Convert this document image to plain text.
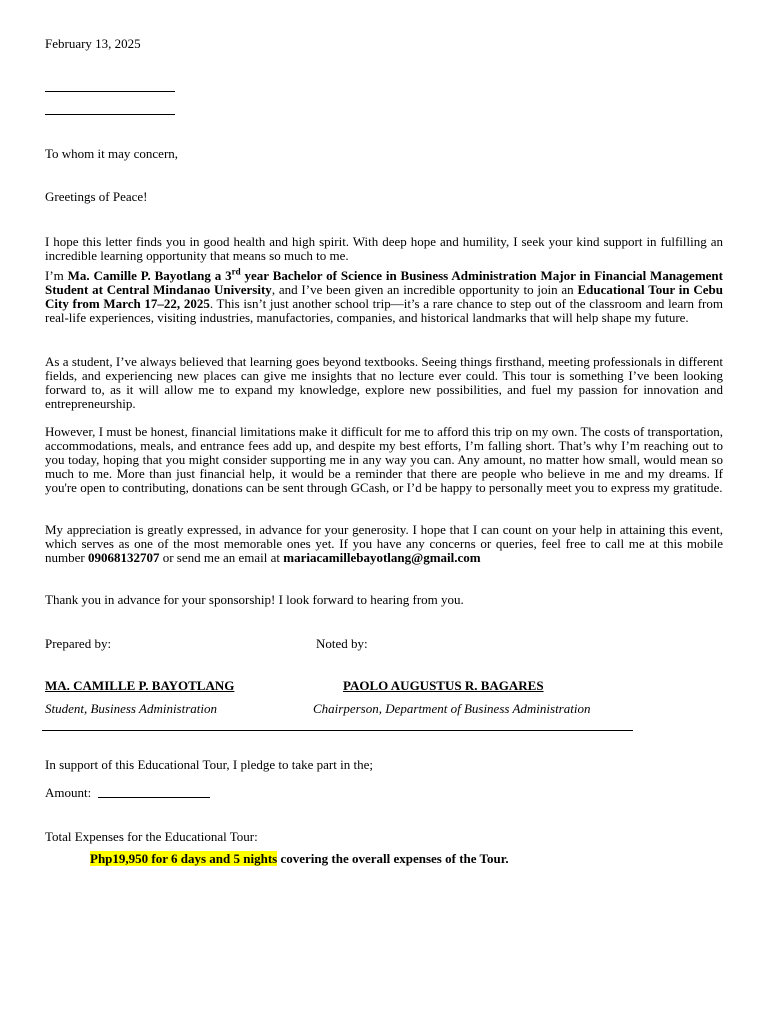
February 13, 2025
To whom it may concern,
Greetings of Peace!

I hope this letter finds you in good health and high spirit. With deep hope and humility, I seek your kind support in fulfilling an incredible learning opportunity that means so much to me.

I’m Ma. Camille P. Bayotlang a 3rd year Bachelor of Science in Business Administration Major in Financial Management Student at Central Mindanao University, and I’ve been given an incredible opportunity to join an Educational Tour in Cebu City from March 17–22, 2025. This isn’t just another school trip—it’s a rare chance to step out of the classroom and learn from real-life experiences, visiting industries, manufactories, companies, and historical landmarks that will help shape my future.

As a student, I’ve always believed that learning goes beyond textbooks. Seeing things firsthand, meeting professionals in different fields, and experiencing new places can give me insights that no lecture ever could. This tour is something I’ve been looking forward to, as it will allow me to expand my knowledge, explore new possibilities, and fuel my passion for innovation and entrepreneurship.

However, I must be honest, financial limitations make it difficult for me to afford this trip on my own. The costs of transportation, accommodations, meals, and entrance fees add up, and despite my best efforts, I’m falling short. That’s why I’m reaching out to you today, hoping that you might consider supporting me in any way you can. Any amount, no matter how small, would mean so much to me. More than just financial help, it would be a reminder that there are people who believe in me and my dreams. If you're open to contributing, donations can be sent through GCash, or I’d be happy to personally meet you to express my gratitude.

My appreciation is greatly expressed, in advance for your generosity. I hope that I can count on your help in attaining this event, which serves as one of the most memorable ones yet. If you have any concerns or queries, feel free to call me at this mobile number 09068132707 or send me an email at mariacamillebayotlang@gmail.com

Thank you in advance for your sponsorship! I look forward to hearing from you.
Prepared by:	Noted by:
MA. CAMILLE P. BAYOTLANG	PAOLO AUGUSTUS R. BAGARES
Student, Business Administration	Chairperson, Department of Business Administration
In support of this Educational Tour, I pledge to take part in the;
Amount:
Total Expenses for the Educational Tour:
Php19,950 for 6 days and 5 nights covering the overall expenses of the Tour.
